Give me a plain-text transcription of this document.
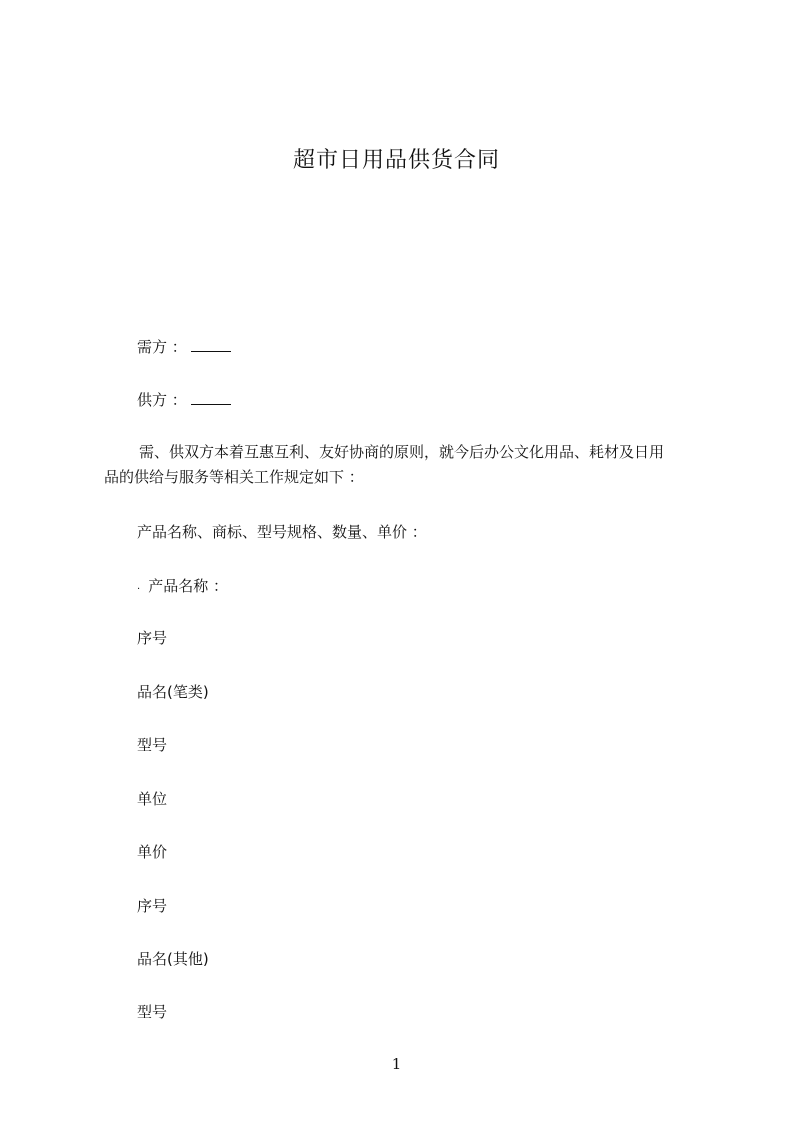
超市日用品供货合同
需方 ：
供方 ：
需、供双方本着互惠互利、友好协商的原则，就今后办公文化用品、耗材及日用
品的供给与服务等相关工作规定如下 ：
产品名称、商标、型号规格、数量、单价 ：
. 产品名称 ：
序号
品名(笔类)
型号
单位
单价
序号
品名(其他)
型号
1
